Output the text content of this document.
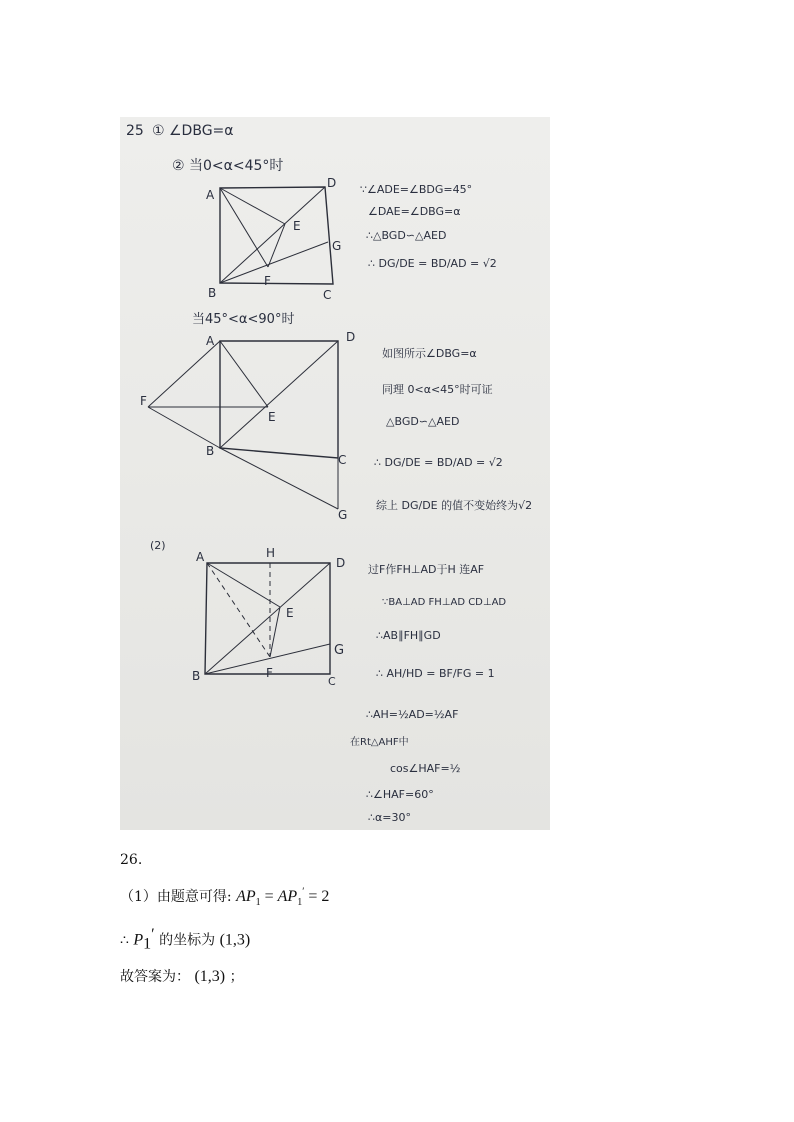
25 ① ∠DBG=α
② 当0<α<45°时
A
D
E
G
F
B	C
∵∠ADE=∠BDG=45°
∠DAE=∠DBG=α
∴△BGD∽△AED
∴ DG/DE = BD/AD = √2
当45°<α<90°时
A	D
F
E
B
C
G
如图所示∠DBG=α
同理 0<α<45°时可证
△BGD∽△AED
∴ DG/DE = BD/AD = √2
综上 DG/DE 的值不变始终为√2
(2)
A	H
D
E
G
B	F
C
过F作FH⊥AD于H 连AF
∵BA⊥AD FH⊥AD CD⊥AD
∴AB∥FH∥GD
∴ AH/HD = BF/FG = 1
∴AH=½AD=½AF
在Rt△AHF中
cos∠HAF=½
∴∠HAF=60°
∴α=30°
26.
（1）由题意可得: $AP_1 = AP_1' = 2$
∴ $P_1'$ 的坐标为 (1,3)
故答案为： (1,3) ；
